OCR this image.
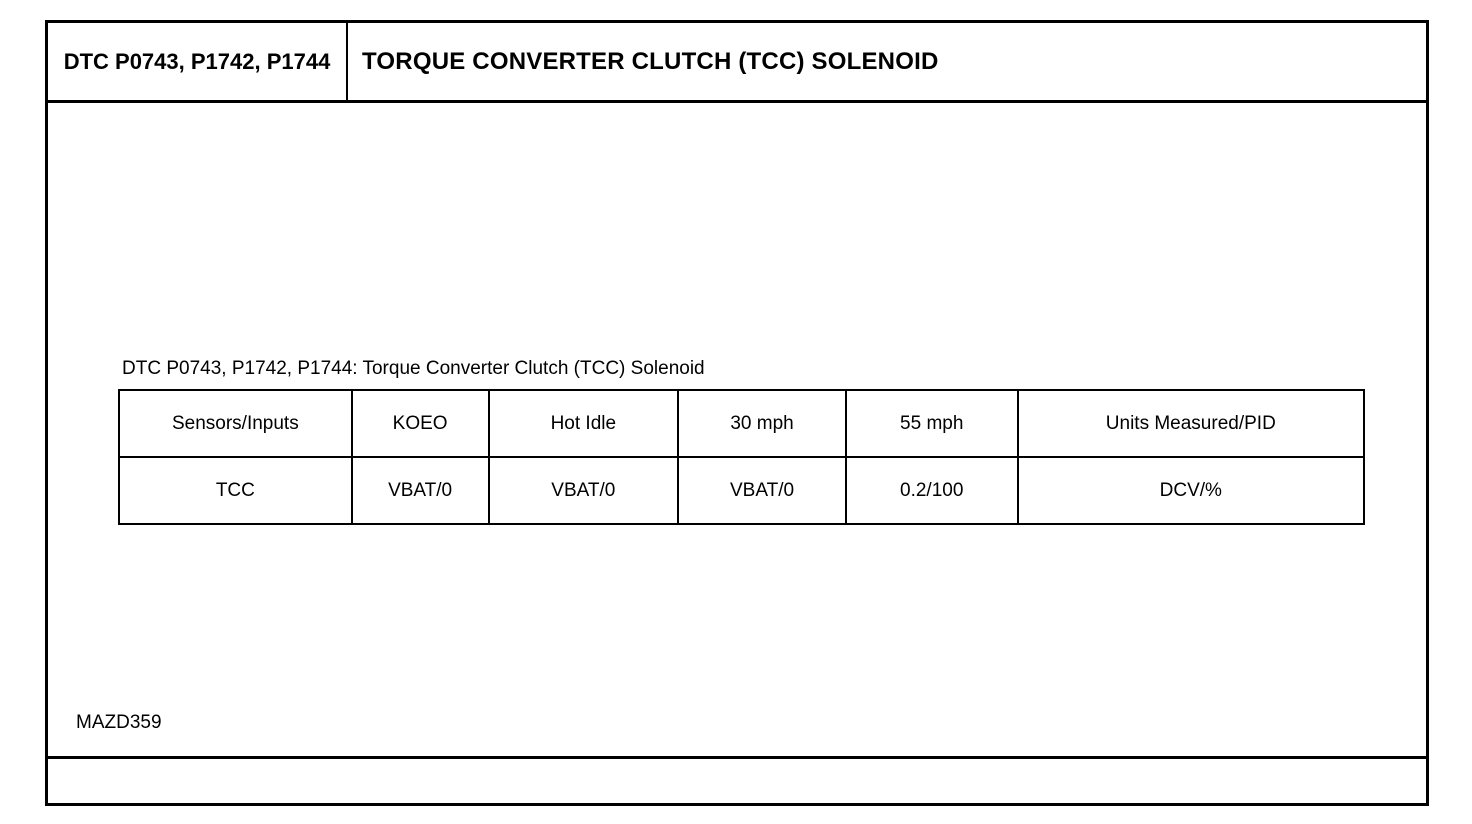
DTC P0743, P1742, P1744 TORQUE CONVERTER CLUTCH (TCC) SOLENOID
DTC P0743, P1742, P1744: Torque Converter Clutch (TCC) Solenoid
Sensors/Inputs	KOEO	Hot Idle	30 mph	55 mph	Units Measured/PID
TCC	VBAT/0	VBAT/0	VBAT/0	0.2/100	DCV/%
MAZD359
